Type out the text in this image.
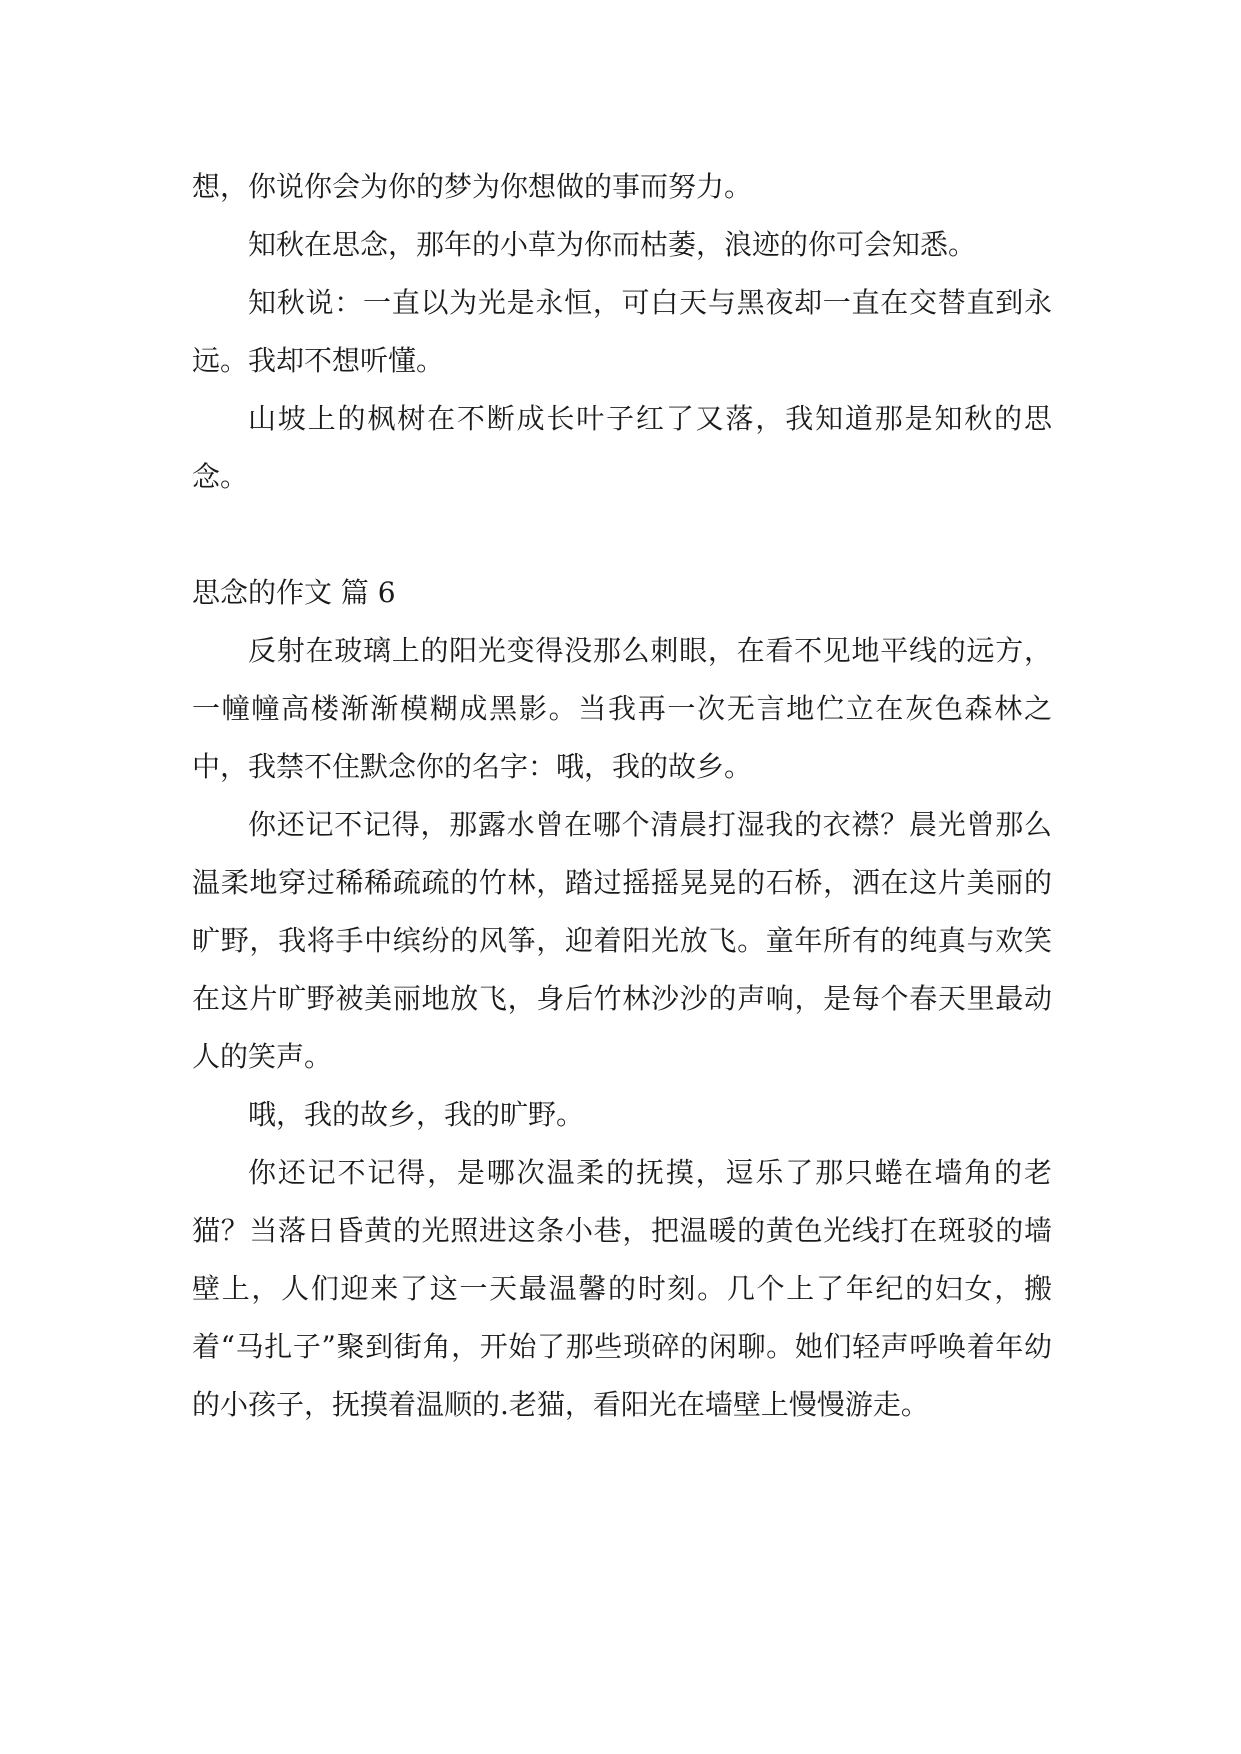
想，你说你会为你的梦为你想做的事而努力。

知秋在思念，那年的小草为你而枯萎，浪迹的你可会知悉。

知秋说：一直以为光是永恒，可白天与黑夜却一直在交替直到永远。我却不想听懂。

山坡上的枫树在不断成长叶子红了又落，我知道那是知秋的思念。

思念的作文 篇 6

反射在玻璃上的阳光变得没那么刺眼，在看不见地平线的远方，一幢幢高楼渐渐模糊成黑影。当我再一次无言地伫立在灰色森林之中，我禁不住默念你的名字：哦，我的故乡。

你还记不记得，那露水曾在哪个清晨打湿我的衣襟？晨光曾那么温柔地穿过稀稀疏疏的竹林，踏过摇摇晃晃的石桥，洒在这片美丽的旷野，我将手中缤纷的风筝，迎着阳光放飞。童年所有的纯真与欢笑在这片旷野被美丽地放飞，身后竹林沙沙的声响，是每个春天里最动人的笑声。

哦，我的故乡，我的旷野。

你还记不记得，是哪次温柔的抚摸，逗乐了那只蜷在墙角的老猫？当落日昏黄的光照进这条小巷，把温暖的黄色光线打在斑驳的墙壁上，人们迎来了这一天最温馨的时刻。几个上了年纪的妇女，搬着“马扎子”聚到街角，开始了那些琐碎的闲聊。她们轻声呼唤着年幼的小孩子，抚摸着温顺的.老猫，看阳光在墙壁上慢慢游走。
